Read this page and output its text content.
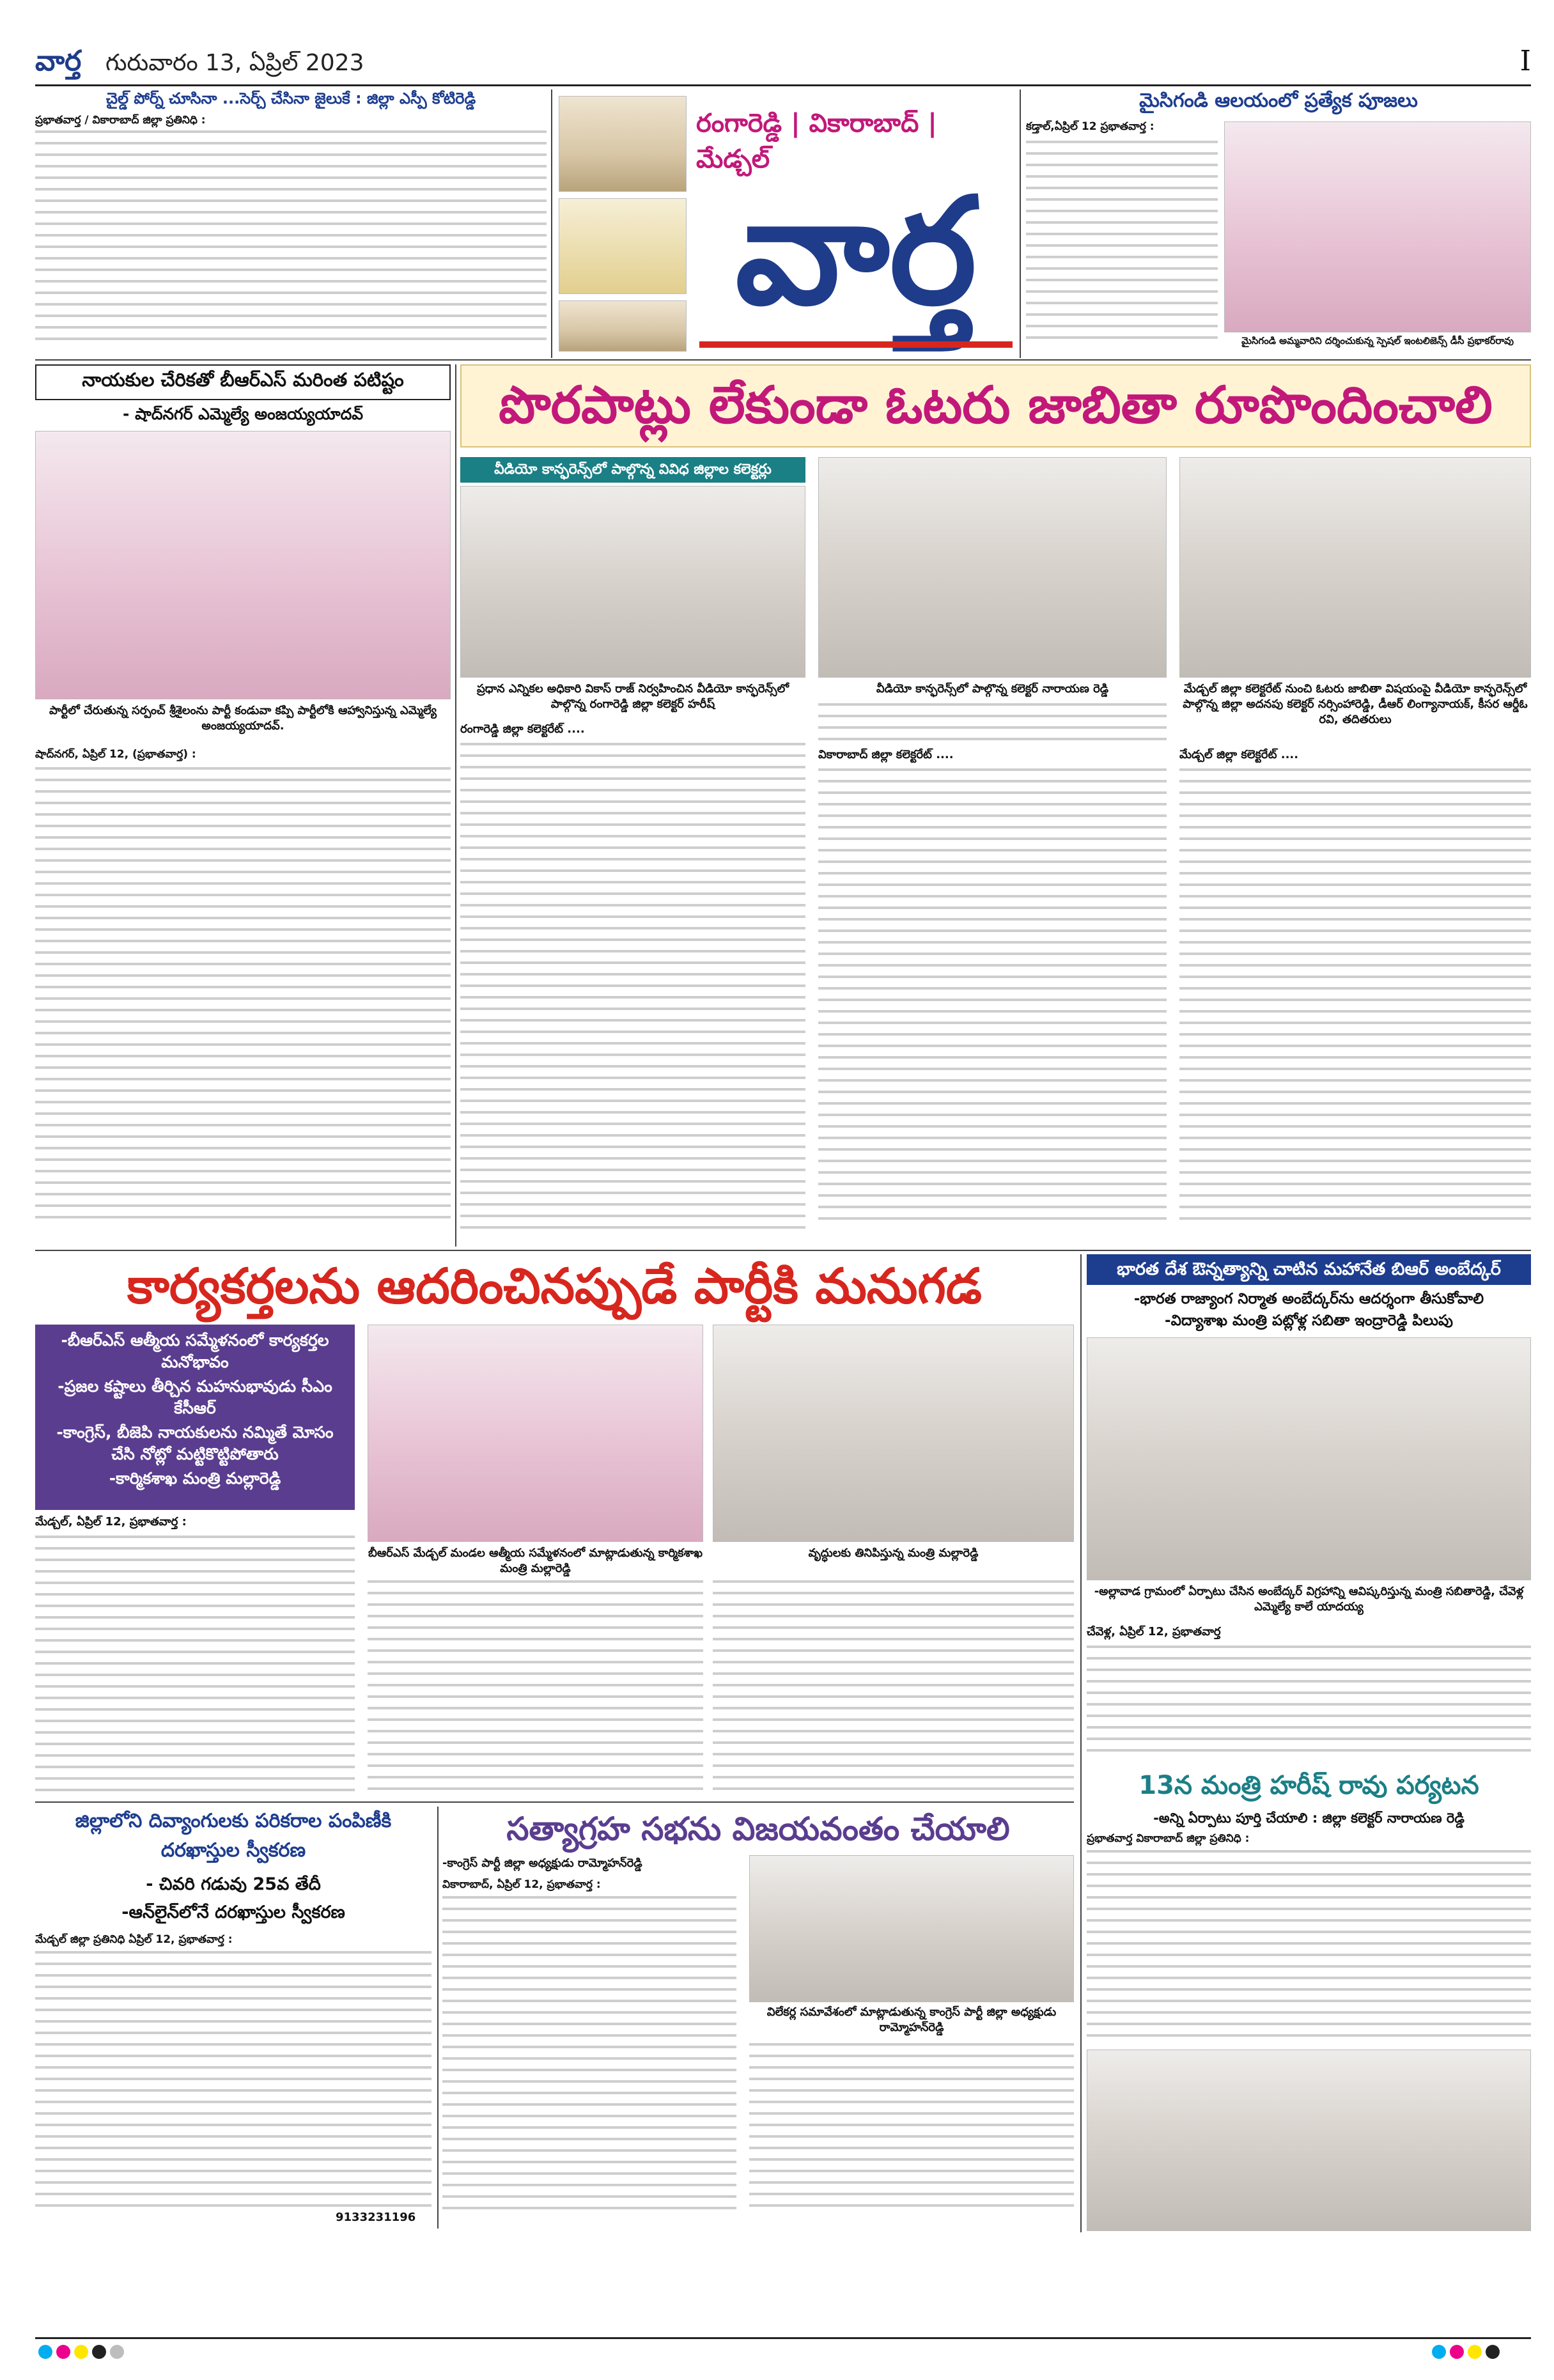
వార్త గురువారం 13, ఏప్రిల్ 2023	I
చైల్డ్ పోర్న్ చూసినా ...సెర్చ్ చేసినా జైలుకే : జిల్లా ఎస్పీ కోటిరెడ్డి
ప్రభాతవార్త / వికారాబాద్ జిల్లా ప్రతినిధి :	రంగారెడ్డి | వికారాబాద్ | మేడ్చల్
వార్త
మైసిగండి ఆలయంలో ప్రత్యేక పూజలు
కడ్తాల్,ఏప్రిల్ 12 ప్రభాతవార్త :
మైసిగండి అమ్మవారిని దర్శించుకున్న స్పెషల్ ఇంటలిజెన్స్ డీసీ ప్రభాకర్‌రావు
నాయకుల చేరికతో బీఆర్ఎస్ మరింత పటిష్టం
- షాద్‌నగర్ ఎమ్మెల్యే అంజయ్యయాదవ్
పార్టీలో చేరుతున్న సర్పంచ్ శ్రీశైలంను పార్టీ కండువా కప్పి పార్టీలోకి ఆహ్వానిస్తున్న ఎమ్మెల్యే అంజయ్యయాదవ్.
షాద్‌నగర్, ఏప్రిల్ 12, (ప్రభాతవార్త) :
పొరపాట్లు లేకుండా ఓటరు జాబితా రూపొందించాలి
వీడియో కాన్ఫరెన్స్‌లో పాల్గొన్న వివిధ జిల్లాల కలెక్టర్లు
ప్రధాన ఎన్నికల అధికారి వికాస్ రాజ్ నిర్వహించిన వీడియో కాన్ఫరెన్స్‌లో పాల్గొన్న రంగారెడ్డి జిల్లా కలెక్టర్ హరీష్
రంగారెడ్డి జిల్లా కలెక్టరేట్ ....
వీడియో కాన్ఫరెన్స్‌లో పాల్గొన్న కలెక్టర్ నారాయణ రెడ్డి
వికారాబాద్ జిల్లా కలెక్టరేట్ ....
మేడ్చల్ జిల్లా కలెక్టరేట్ నుంచి ఓటరు జాబితా విషయంపై వీడియో కాన్ఫరెన్స్‌లో పాల్గొన్న జిల్లా అదనపు కలెక్టర్ నర్సింహారెడ్డి, డీఆర్ లింగ్యానాయక్, కీసర ఆర్డీఓ రవి, తదితరులు
మేడ్చల్ జిల్లా కలెక్టరేట్ ....
కార్యకర్తలను ఆదరించినప్పుడే పార్టీకి మనుగడ
-బీఆర్ఎస్ ఆత్మీయ సమ్మేళనంలో కార్యకర్తల మనోభావం
-ప్రజల కష్టాలు తీర్చిన మహనుభావుడు సీఎం కేసీఆర్
-కాంగ్రెస్, బీజెపి నాయకులను నమ్మితే మోసం చేసి నోట్లో మట్టికొట్టిపోతారు
-కార్మికశాఖ మంత్రి మల్లారెడ్డి
బీఆర్ఎస్ మేడ్చల్ మండల ఆత్మీయ సమ్మేళనంలో మాట్లాడుతున్న కార్మికశాఖ మంత్రి మల్లారెడ్డి
వృద్ధులకు తినిపిస్తున్న మంత్రి మల్లారెడ్డి
మేడ్చల్, ఏప్రిల్ 12, ప్రభాతవార్త :
భారత దేశ ఔన్నత్యాన్ని చాటిన మహానేత బిఆర్ అంబేద్కర్
-భారత రాజ్యాంగ నిర్మాత అంబేద్కర్‌ను ఆదర్శంగా తీసుకోవాలి
-విద్యాశాఖ మంత్రి పట్లోళ్ల సబితా ఇంద్రారెడ్డి పిలుపు
-అల్లావాడ గ్రామంలో ఏర్పాటు చేసిన అంబేద్కర్ విగ్రహాన్ని ఆవిష్కరిస్తున్న మంత్రి సబితారెడ్డి, చేవెళ్ల ఎమ్మెల్యే కాలే యాదయ్య
చేవెళ్ల, ఏప్రిల్ 12, ప్రభాతవార్త
13న మంత్రి హరీష్ రావు పర్యటన
-అన్ని ఏర్పాటు పూర్తి చేయాలి : జిల్లా కలెక్టర్ నారాయణ రెడ్డి
ప్రభాతవార్త వికారాబాద్ జిల్లా ప్రతినిధి :
జిల్లాలోని దివ్యాంగులకు పరికరాల పంపిణీకి దరఖాస్తుల స్వీకరణ
- చివరి గడువు 25వ తేదీ
-ఆన్‌లైన్‌లోనే దరఖాస్తుల స్వీకరణ
మేడ్చల్ జిల్లా ప్రతినిధి ఏప్రిల్ 12, ప్రభాతవార్త :
9133231196
సత్యాగ్రహ సభను విజయవంతం చేయాలి
-కాంగ్రెస్ పార్టీ జిల్లా అధ్యక్షుడు రామ్మోహన్‌రెడ్డి
వికారాబాద్, ఏప్రిల్ 12, ప్రభాతవార్త :
విలేకర్ల సమావేశంలో మాట్లాడుతున్న కాంగ్రెస్ పార్టీ జిల్లా అధ్యక్షుడు రామ్మోహన్‌రెడ్డి
